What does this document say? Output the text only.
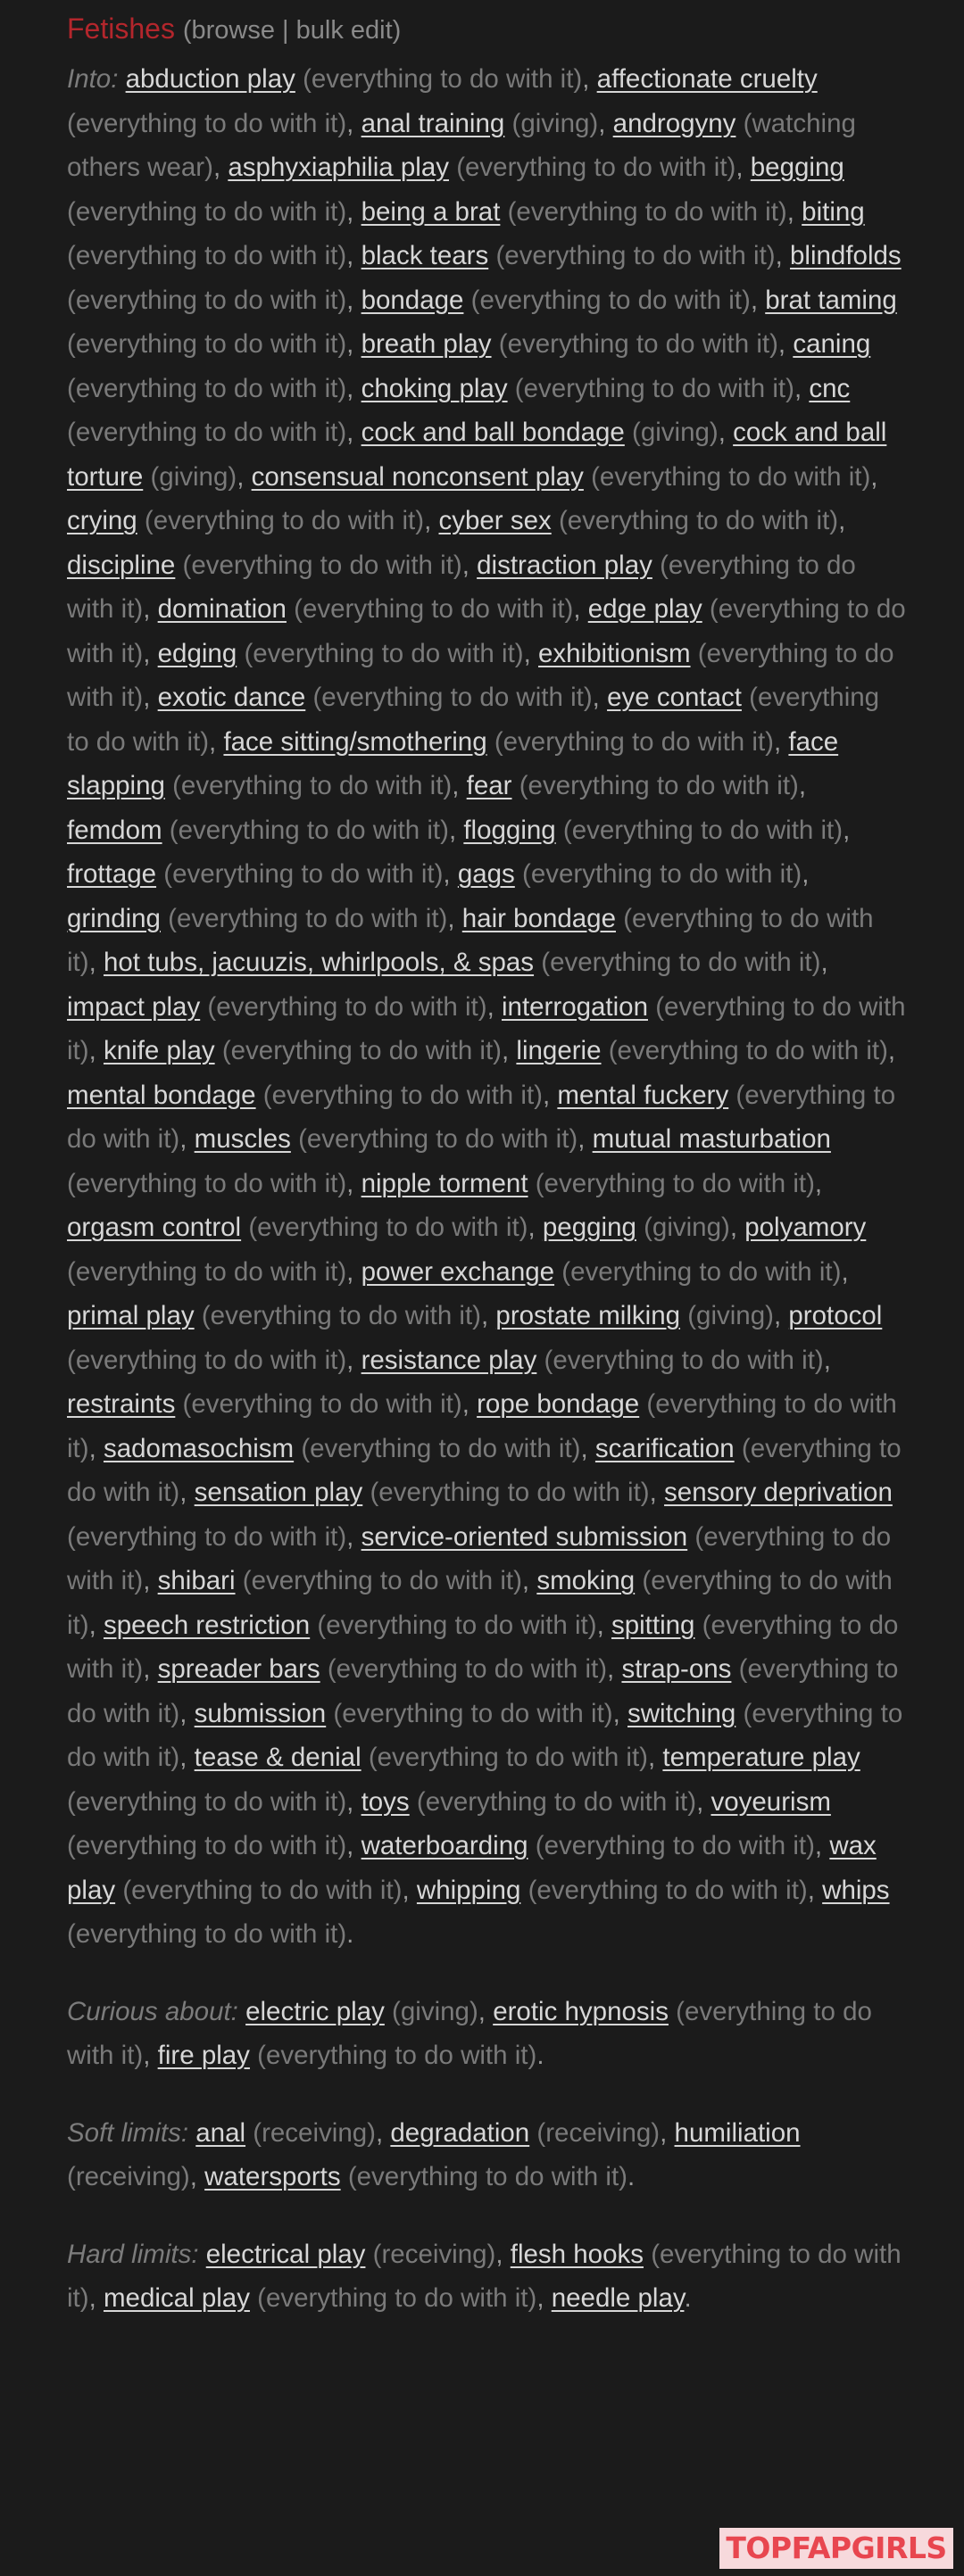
Fetishes (browse | bulk edit)

Into: abduction play (everything to do with it), affectionate cruelty (everything to do with it), anal training (giving), androgyny (watching others wear), asphyxiaphilia play (everything to do with it), begging (everything to do with it), being a brat (everything to do with it), biting (everything to do with it), black tears (everything to do with it), blindfolds (everything to do with it), bondage (everything to do with it), brat taming (everything to do with it), breath play (everything to do with it), caning (everything to do with it), choking play (everything to do with it), cnc (everything to do with it), cock and ball bondage (giving), cock and ball torture (giving), consensual nonconsent play (everything to do with it), crying (everything to do with it), cyber sex (everything to do with it), discipline (everything to do with it), distraction play (everything to do with it), domination (everything to do with it), edge play (everything to do with it), edging (everything to do with it), exhibitionism (everything to do with it), exotic dance (everything to do with it), eye contact (everything to do with it), face sitting/smothering (everything to do with it), face slapping (everything to do with it), fear (everything to do with it), femdom (everything to do with it), flogging (everything to do with it), frottage (everything to do with it), gags (everything to do with it), grinding (everything to do with it), hair bondage (everything to do with it), hot tubs, jacuuzis, whirlpools, & spas (everything to do with it), impact play (everything to do with it), interrogation (everything to do with it), knife play (everything to do with it), lingerie (everything to do with it), mental bondage (everything to do with it), mental fuckery (everything to do with it), muscles (everything to do with it), mutual masturbation (everything to do with it), nipple torment (everything to do with it), orgasm control (everything to do with it), pegging (giving), polyamory (everything to do with it), power exchange (everything to do with it), primal play (everything to do with it), prostate milking (giving), protocol (everything to do with it), resistance play (everything to do with it), restraints (everything to do with it), rope bondage (everything to do with it), sadomasochism (everything to do with it), scarification (everything to do with it), sensation play (everything to do with it), sensory deprivation (everything to do with it), service-oriented submission (everything to do with it), shibari (everything to do with it), smoking (everything to do with it), speech restriction (everything to do with it), spitting (everything to do with it), spreader bars (everything to do with it), strap-ons (everything to do with it), submission (everything to do with it), switching (everything to do with it), tease & denial (everything to do with it), temperature play (everything to do with it), toys (everything to do with it), voyeurism (everything to do with it), waterboarding (everything to do with it), wax play (everything to do with it), whipping (everything to do with it), whips (everything to do with it).

Curious about: electric play (giving), erotic hypnosis (everything to do with it), fire play (everything to do with it).

Soft limits: anal (receiving), degradation (receiving), humiliation (receiving), watersports (everything to do with it).

Hard limits: electrical play (receiving), flesh hooks (everything to do with it), medical play (everything to do with it), needle play.

TOPFAPGIRLS
